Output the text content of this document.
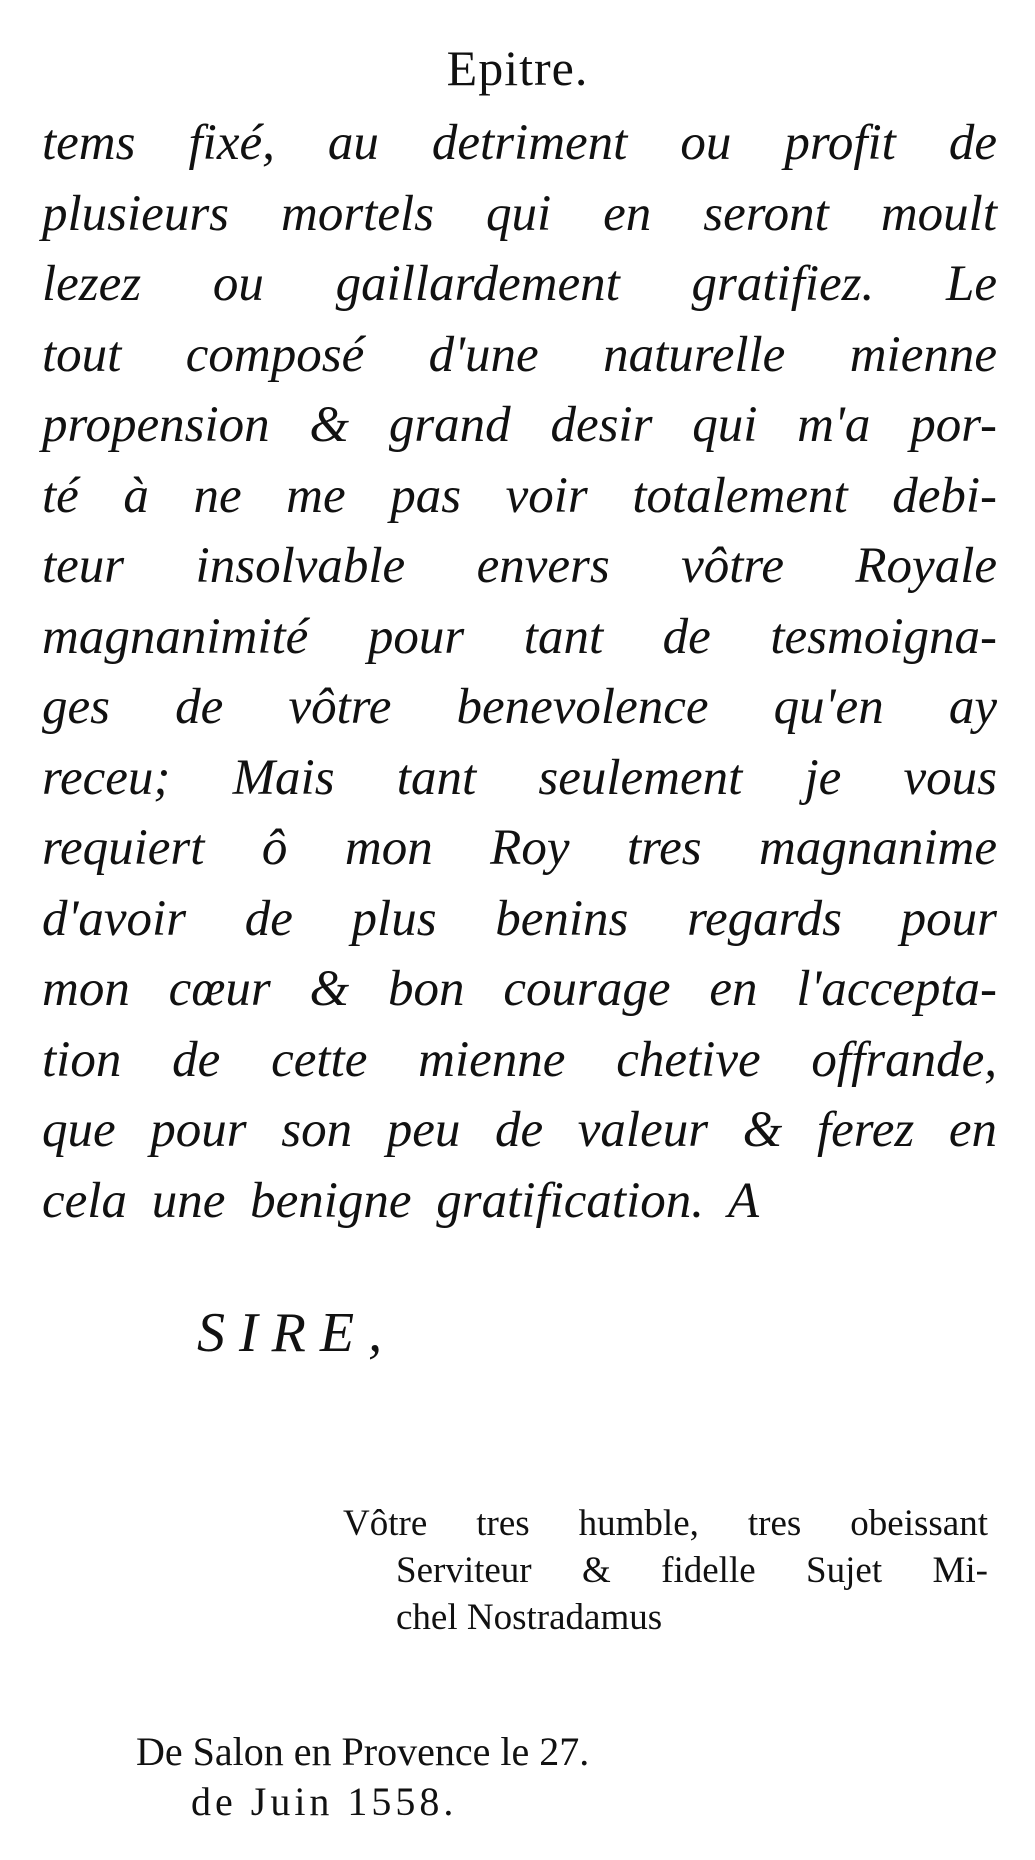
Epitre.
tems fixé, au detriment ou profit de
plusieurs mortels qui en seront moult
lezez ou gaillardement gratifiez. Le
tout composé d'une naturelle mienne
propension & grand desir qui m'a por-
té à ne me pas voir totalement debi-
teur insolvable envers vôtre Royale
magnanimité pour tant de tesmoigna-
ges de vôtre benevolence qu'en ay
receu; Mais tant seulement je vous
requiert ô mon Roy tres magnanime
d'avoir de plus benins regards pour
mon cœur & bon courage en l'accepta-
tion de cette mienne chetive offrande,
que pour son peu de valeur & ferez en
cela une benigne gratification. A
SIRE,
Vôtre tres humble, tres obeissant
Serviteur & fidelle Sujet Mi-
chel Nostradamus
De Salon en Provence le 27.
de Juin 1558.
